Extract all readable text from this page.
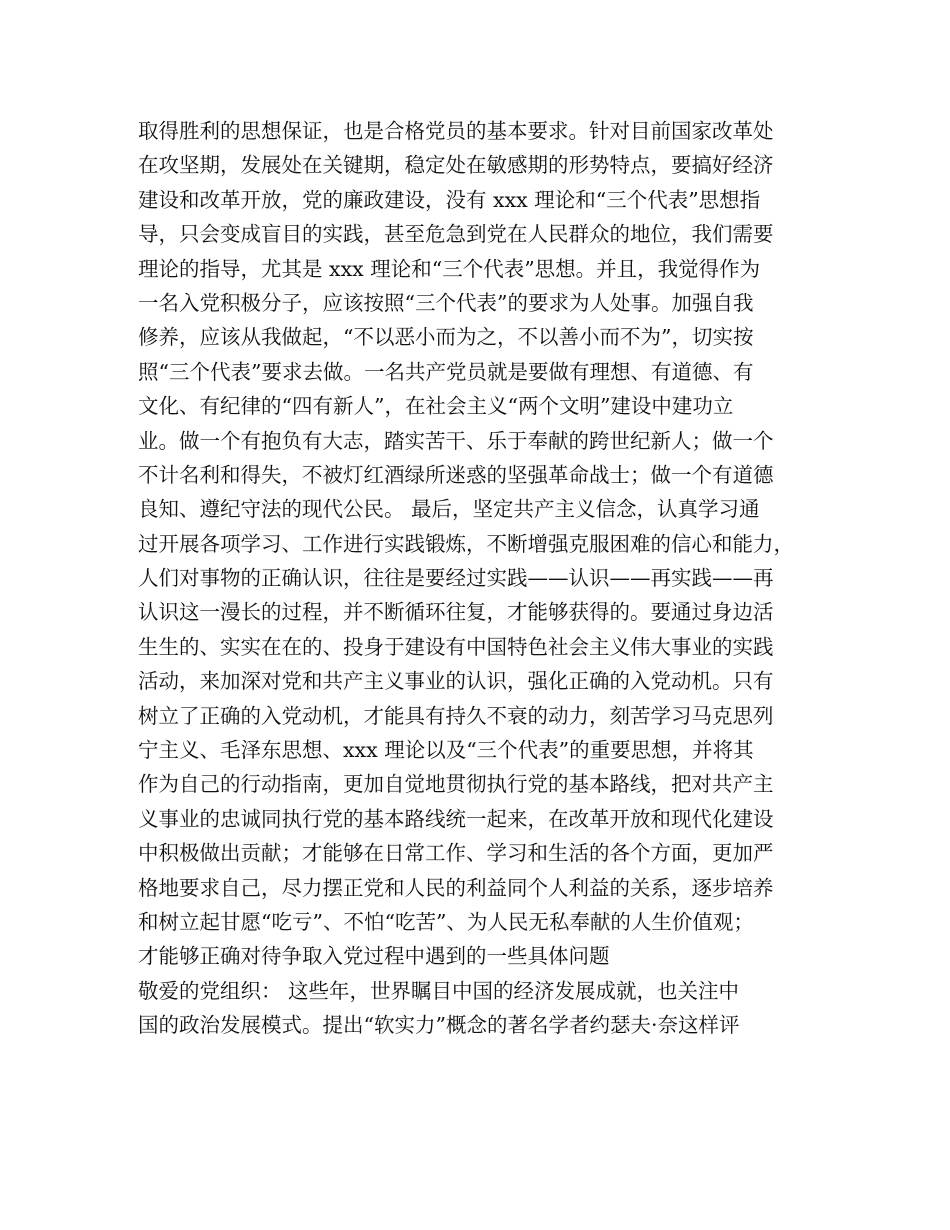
取得胜利的思想保证，也是合格党员的基本要求。针对目前国家改革处
在攻坚期，发展处在关键期，稳定处在敏感期的形势特点，要搞好经济
建设和改革开放，党的廉政建设，没有 xxx 理论和“三个代表”思想指
导，只会变成盲目的实践，甚至危急到党在人民群众的地位，我们需要
理论的指导，尤其是 xxx 理论和“三个代表”思想。并且，我觉得作为
一名入党积极分子，应该按照“三个代表”的要求为人处事。加强自我
修养，应该从我做起，“不以恶小而为之，不以善小而不为”，切实按
照“三个代表”要求去做。一名共产党员就是要做有理想、有道德、有
文化、有纪律的“四有新人”，在社会主义“两个文明”建设中建功立
业。做一个有抱负有大志，踏实苦干、乐于奉献的跨世纪新人；做一个
不计名利和得失，不被灯红酒绿所迷惑的坚强革命战士；做一个有道德
良知、遵纪守法的现代公民。 最后，坚定共产主义信念，认真学习通
过开展各项学习、工作进行实践锻炼，不断增强克服困难的信心和能力，
人们对事物的正确认识，往往是要经过实践——认识——再实践——再
认识这一漫长的过程，并不断循环往复，才能够获得的。要通过身边活
生生的、实实在在的、投身于建设有中国特色社会主义伟大事业的实践
活动，来加深对党和共产主义事业的认识，强化正确的入党动机。只有
树立了正确的入党动机，才能具有持久不衰的动力，刻苦学习马克思列
宁主义、毛泽东思想、xxx 理论以及“三个代表”的重要思想，并将其
作为自己的行动指南，更加自觉地贯彻执行党的基本路线，把对共产主
义事业的忠诚同执行党的基本路线统一起来，在改革开放和现代化建设
中积极做出贡献；才能够在日常工作、学习和生活的各个方面，更加严
格地要求自己，尽力摆正党和人民的利益同个人利益的关系，逐步培养
和树立起甘愿“吃亏”、不怕“吃苦”、为人民无私奉献的人生价值观；
才能够正确对待争取入党过程中遇到的一些具体问题
敬爱的党组织： 这些年，世界瞩目中国的经济发展成就，也关注中
国的政治发展模式。提出“软实力”概念的著名学者约瑟夫·奈这样评
